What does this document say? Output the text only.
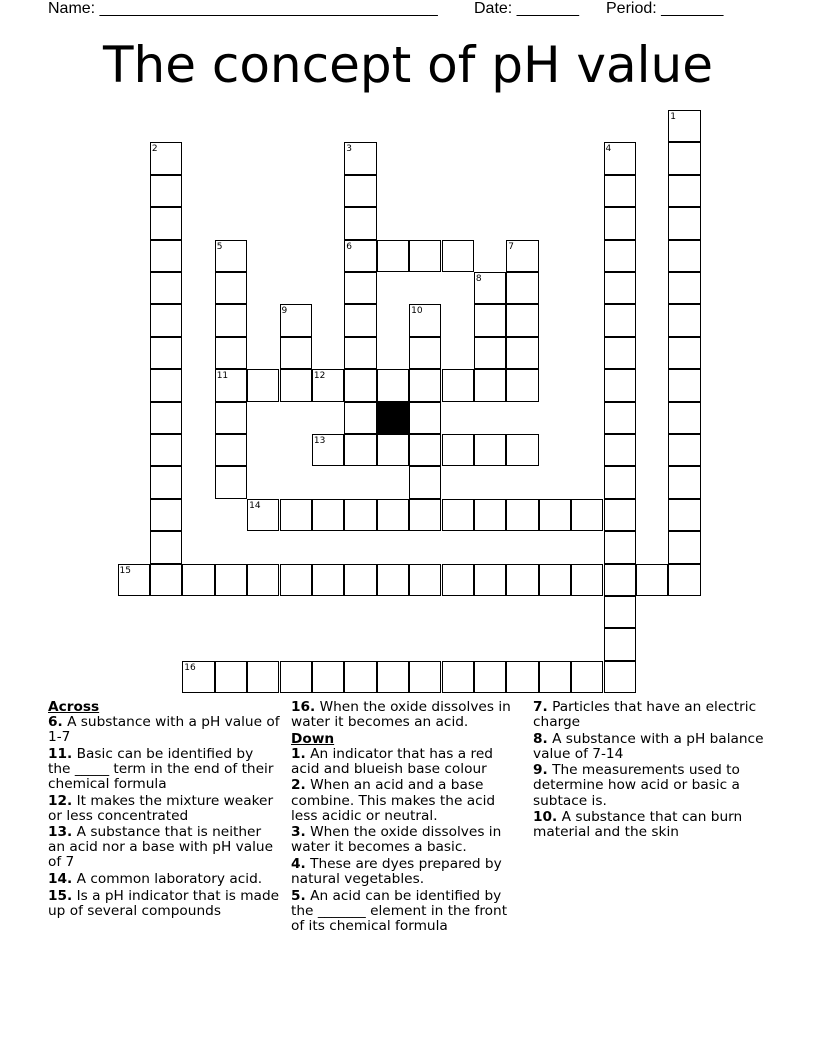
Name: ______________________________________ Date: _______ Period: _______
The concept of pH value
1
2	3
6
4
5
11
7
8
9	10
12
13
14
15
16
Across
6. A substance with a pH value of 1-7
11. Basic can be identified by the _____ term in the end of their chemical formula
12. It makes the mixture weaker or less concentrated
13. A substance that is neither an acid nor a base with pH value of 7
14. A common laboratory acid.
15. Is a pH indicator that is made up of several compounds
16. When the oxide dissolves in water it becomes an acid.
Down
1. An indicator that has a red acid and blueish base colour
2. When an acid and a base combine. This makes the acid less acidic or neutral.
3. When the oxide dissolves in water it becomes a basic.
4. These are dyes prepared by natural vegetables.
5. An acid can be identified by the _______ element in the front of its chemical formula
7. Particles that have an electric charge
8. A substance with a pH balance value of 7-14
9. The measurements used to determine how acid or basic a subtace is.
10. A substance that can burn material and the skin
